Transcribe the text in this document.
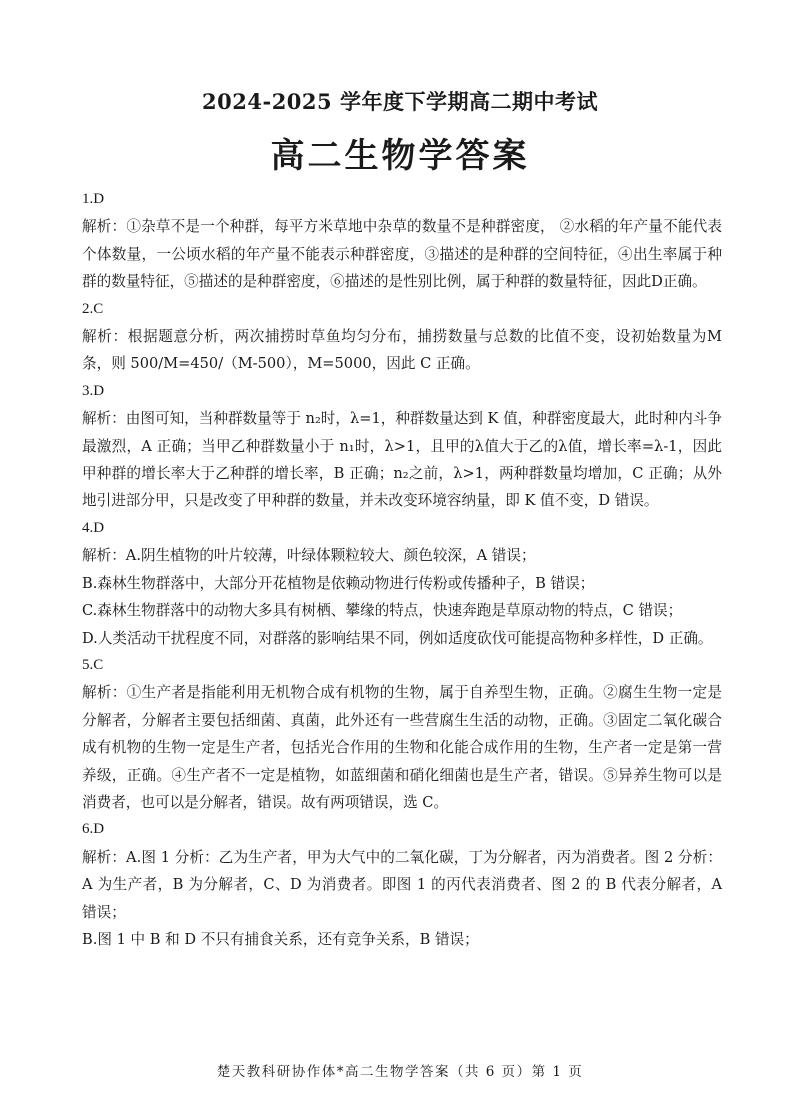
2024-2025 学年度下学期高二期中考试
高二生物学答案

1.D

解析：①杂草不是一个种群，每平方米草地中杂草的数量不是种群密度， ②水稻的年产量不能代表个体数量，一公顷水稻的年产量不能表示种群密度，③描述的是种群的空间特征，④出生率属于种群的数量特征，⑤描述的是种群密度，⑥描述的是性别比例，属于种群的数量特征，因此D正确。

2.C

解析：根据题意分析，两次捕捞时草鱼均匀分布，捕捞数量与总数的比值不变，设初始数量为M条，则 500/M=450/（M-500），M=5000，因此 C 正确。

3.D

解析：由图可知，当种群数量等于 n₂时，λ=1，种群数量达到 K 值，种群密度最大，此时种内斗争最激烈，A 正确；当甲乙种群数量小于 n₁时，λ>1，且甲的λ值大于乙的λ值，增长率=λ-1，因此甲种群的增长率大于乙种群的增长率，B 正确；n₂之前，λ>1，两种群数量均增加，C 正确；从外地引进部分甲，只是改变了甲种群的数量，并未改变环境容纳量，即 K 值不变，D 错误。

4.D

解析：A.阴生植物的叶片较薄，叶绿体颗粒较大、颜色较深，A 错误；

B.森林生物群落中，大部分开花植物是依赖动物进行传粉或传播种子，B 错误；

C.森林生物群落中的动物大多具有树栖、攀缘的特点，快速奔跑是草原动物的特点，C 错误；

D.人类活动干扰程度不同，对群落的影响结果不同，例如适度砍伐可能提高物种多样性，D 正确。

5.C

解析：①生产者是指能利用无机物合成有机物的生物，属于自养型生物，正确。②腐生生物一定是分解者，分解者主要包括细菌、真菌，此外还有一些营腐生生活的动物，正确。③固定二氧化碳合成有机物的生物一定是生产者，包括光合作用的生物和化能合成作用的生物，生产者一定是第一营养级，正确。④生产者不一定是植物，如蓝细菌和硝化细菌也是生产者，错误。⑤异养生物可以是消费者，也可以是分解者，错误。故有两项错误，选 C。

6.D

解析：A.图 1 分析：乙为生产者，甲为大气中的二氧化碳，丁为分解者，丙为消费者。图 2 分析：A 为生产者，B 为分解者，C、D 为消费者。即图 1 的丙代表消费者、图 2 的 B 代表分解者，A 错误；

B.图 1 中 B 和 D 不只有捕食关系，还有竞争关系，B 错误；

楚天教科研协作体*高二生物学答案（共 6 页）第 1 页
